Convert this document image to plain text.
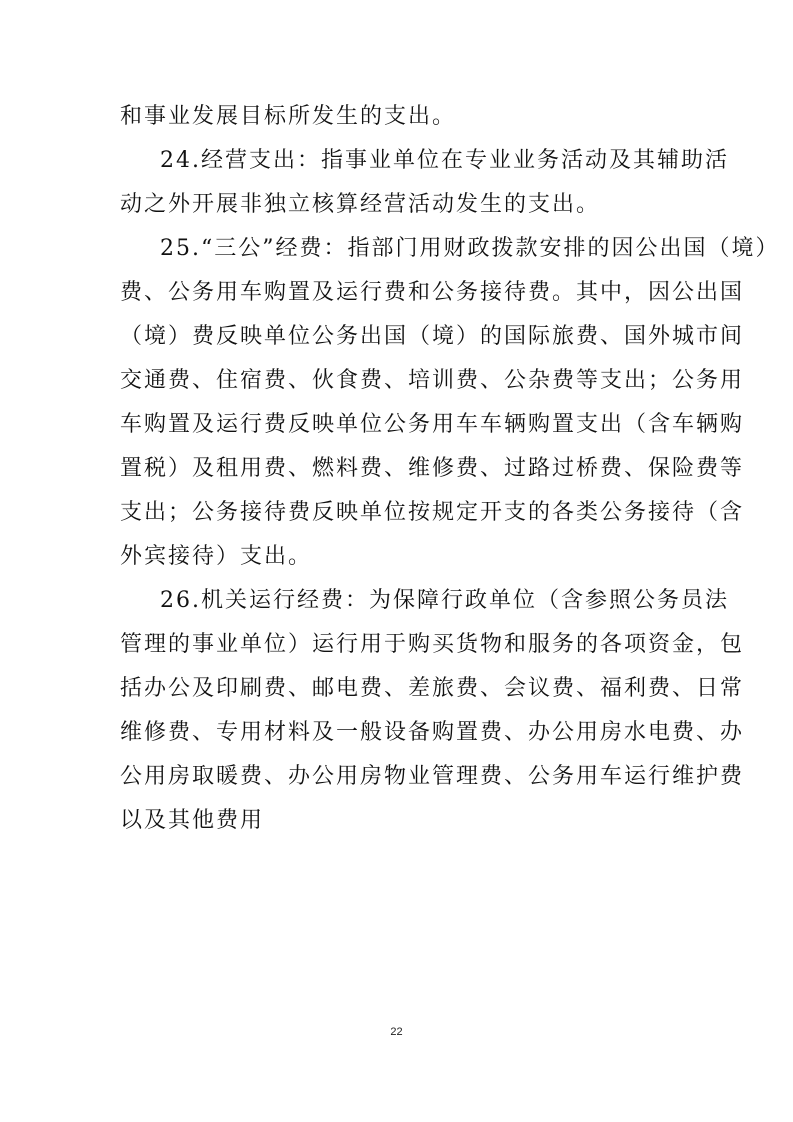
和事业发展目标所发生的支出。
24.经营支出：指事业单位在专业业务活动及其辅助活
动之外开展非独立核算经营活动发生的支出。
25.“三公”经费：指部门用财政拨款安排的因公出国（境）
费、公务用车购置及运行费和公务接待费。其中，因公出国
（境）费反映单位公务出国（境）的国际旅费、国外城市间
交通费、住宿费、伙食费、培训费、公杂费等支出；公务用
车购置及运行费反映单位公务用车车辆购置支出（含车辆购
置税）及租用费、燃料费、维修费、过路过桥费、保险费等
支出；公务接待费反映单位按规定开支的各类公务接待（含
外宾接待）支出。
26.机关运行经费：为保障行政单位（含参照公务员法
管理的事业单位）运行用于购买货物和服务的各项资金，包
括办公及印刷费、邮电费、差旅费、会议费、福利费、日常
维修费、专用材料及一般设备购置费、办公用房水电费、办
公用房取暖费、办公用房物业管理费、公务用车运行维护费
以及其他费用
22
